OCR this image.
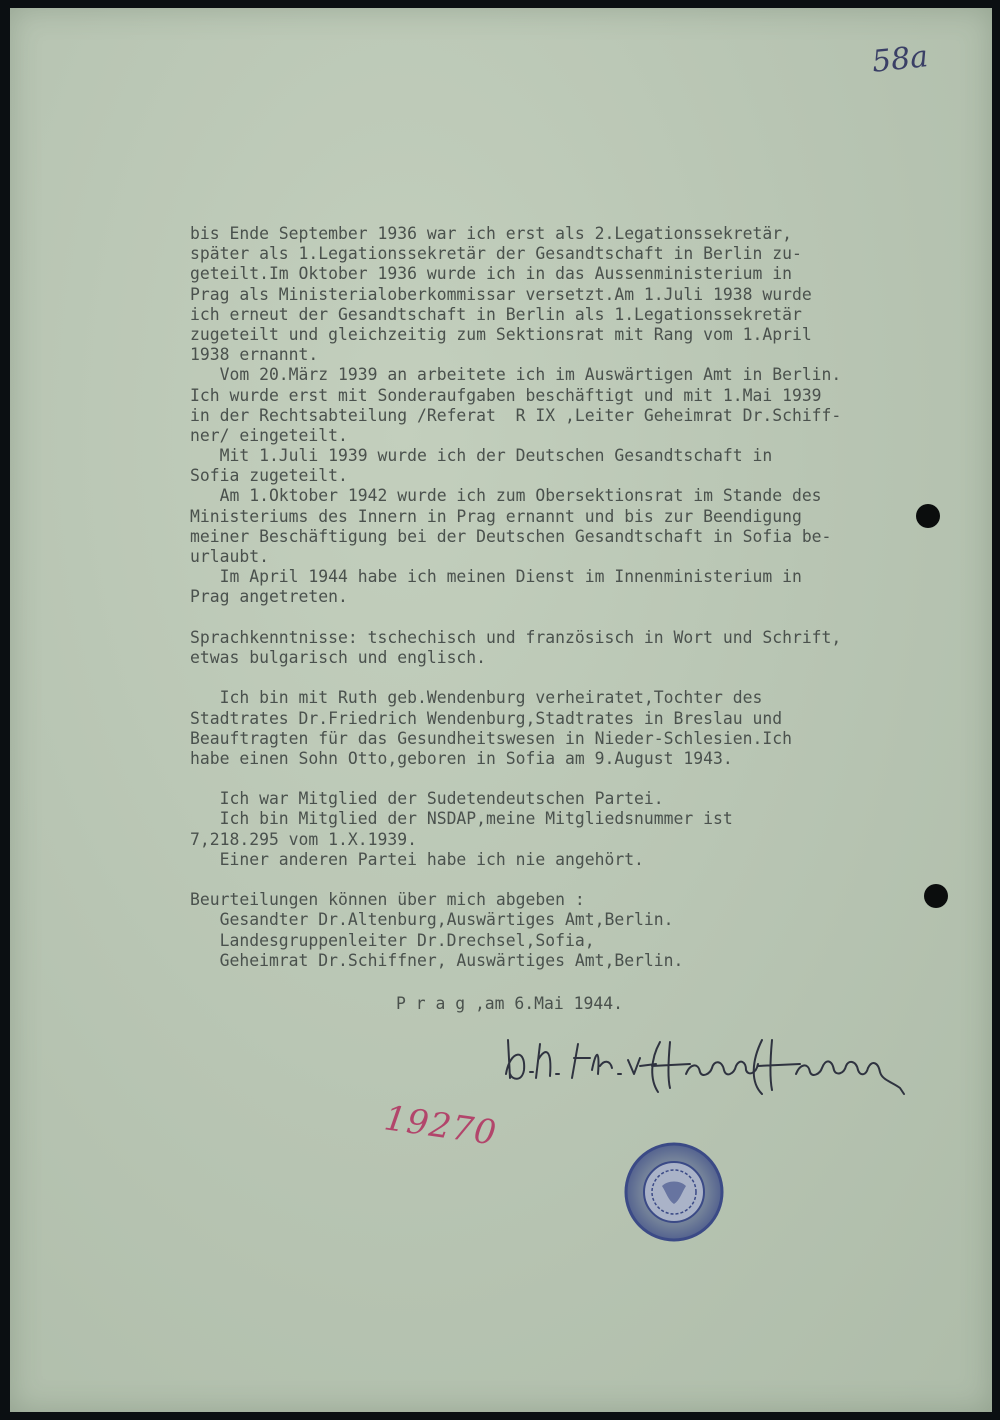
58a
bis Ende September 1936 war ich erst als 2.Legationssekretär,
später als 1.Legationssekretär der Gesandtschaft in Berlin zu-
geteilt.Im Oktober 1936 wurde ich in das Aussenministerium in
Prag als Ministerialoberkommissar versetzt.Am 1.Juli 1938 wurde
ich erneut der Gesandtschaft in Berlin als 1.Legationssekretär
zugeteilt und gleichzeitig zum Sektionsrat mit Rang vom 1.April
1938 ernannt.
Vom 20.März 1939 an arbeitete ich im Auswärtigen Amt in Berlin.
Ich wurde erst mit Sonderaufgaben beschäftigt und mit 1.Mai 1939
in der Rechtsabteilung /Referat  R IX ,Leiter Geheimrat Dr.Schiff-
ner/ eingeteilt.
Mit 1.Juli 1939 wurde ich der Deutschen Gesandtschaft in
Sofia zugeteilt.
Am 1.Oktober 1942 wurde ich zum Obersektionsrat im Stande des
Ministeriums des Innern in Prag ernannt und bis zur Beendigung
meiner Beschäftigung bei der Deutschen Gesandtschaft in Sofia be-
urlaubt.
Im April 1944 habe ich meinen Dienst im Innenministerium in
Prag angetreten.
Sprachkenntnisse: tschechisch und französisch in Wort und Schrift,
etwas bulgarisch und englisch.
Ich bin mit Ruth geb.Wendenburg verheiratet,Tochter des
Stadtrates Dr.Friedrich Wendenburg,Stadtrates in Breslau und
Beauftragten für das Gesundheitswesen in Nieder-Schlesien.Ich
habe einen Sohn Otto,geboren in Sofia am 9.August 1943.
Ich war Mitglied der Sudetendeutschen Partei.
Ich bin Mitglied der NSDAP,meine Mitgliedsnummer ist
7,218.295 vom 1.X.1939.
Einer anderen Partei habe ich nie angehört.
Beurteilungen können über mich abgeben :
Gesandter Dr.Altenburg,Auswärtiges Amt,Berlin.
Landesgruppenleiter Dr.Drechsel,Sofia,
Geheimrat Dr.Schiffner, Auswärtiges Amt,Berlin.
P r a g ,am 6.Mai 1944.
19270
